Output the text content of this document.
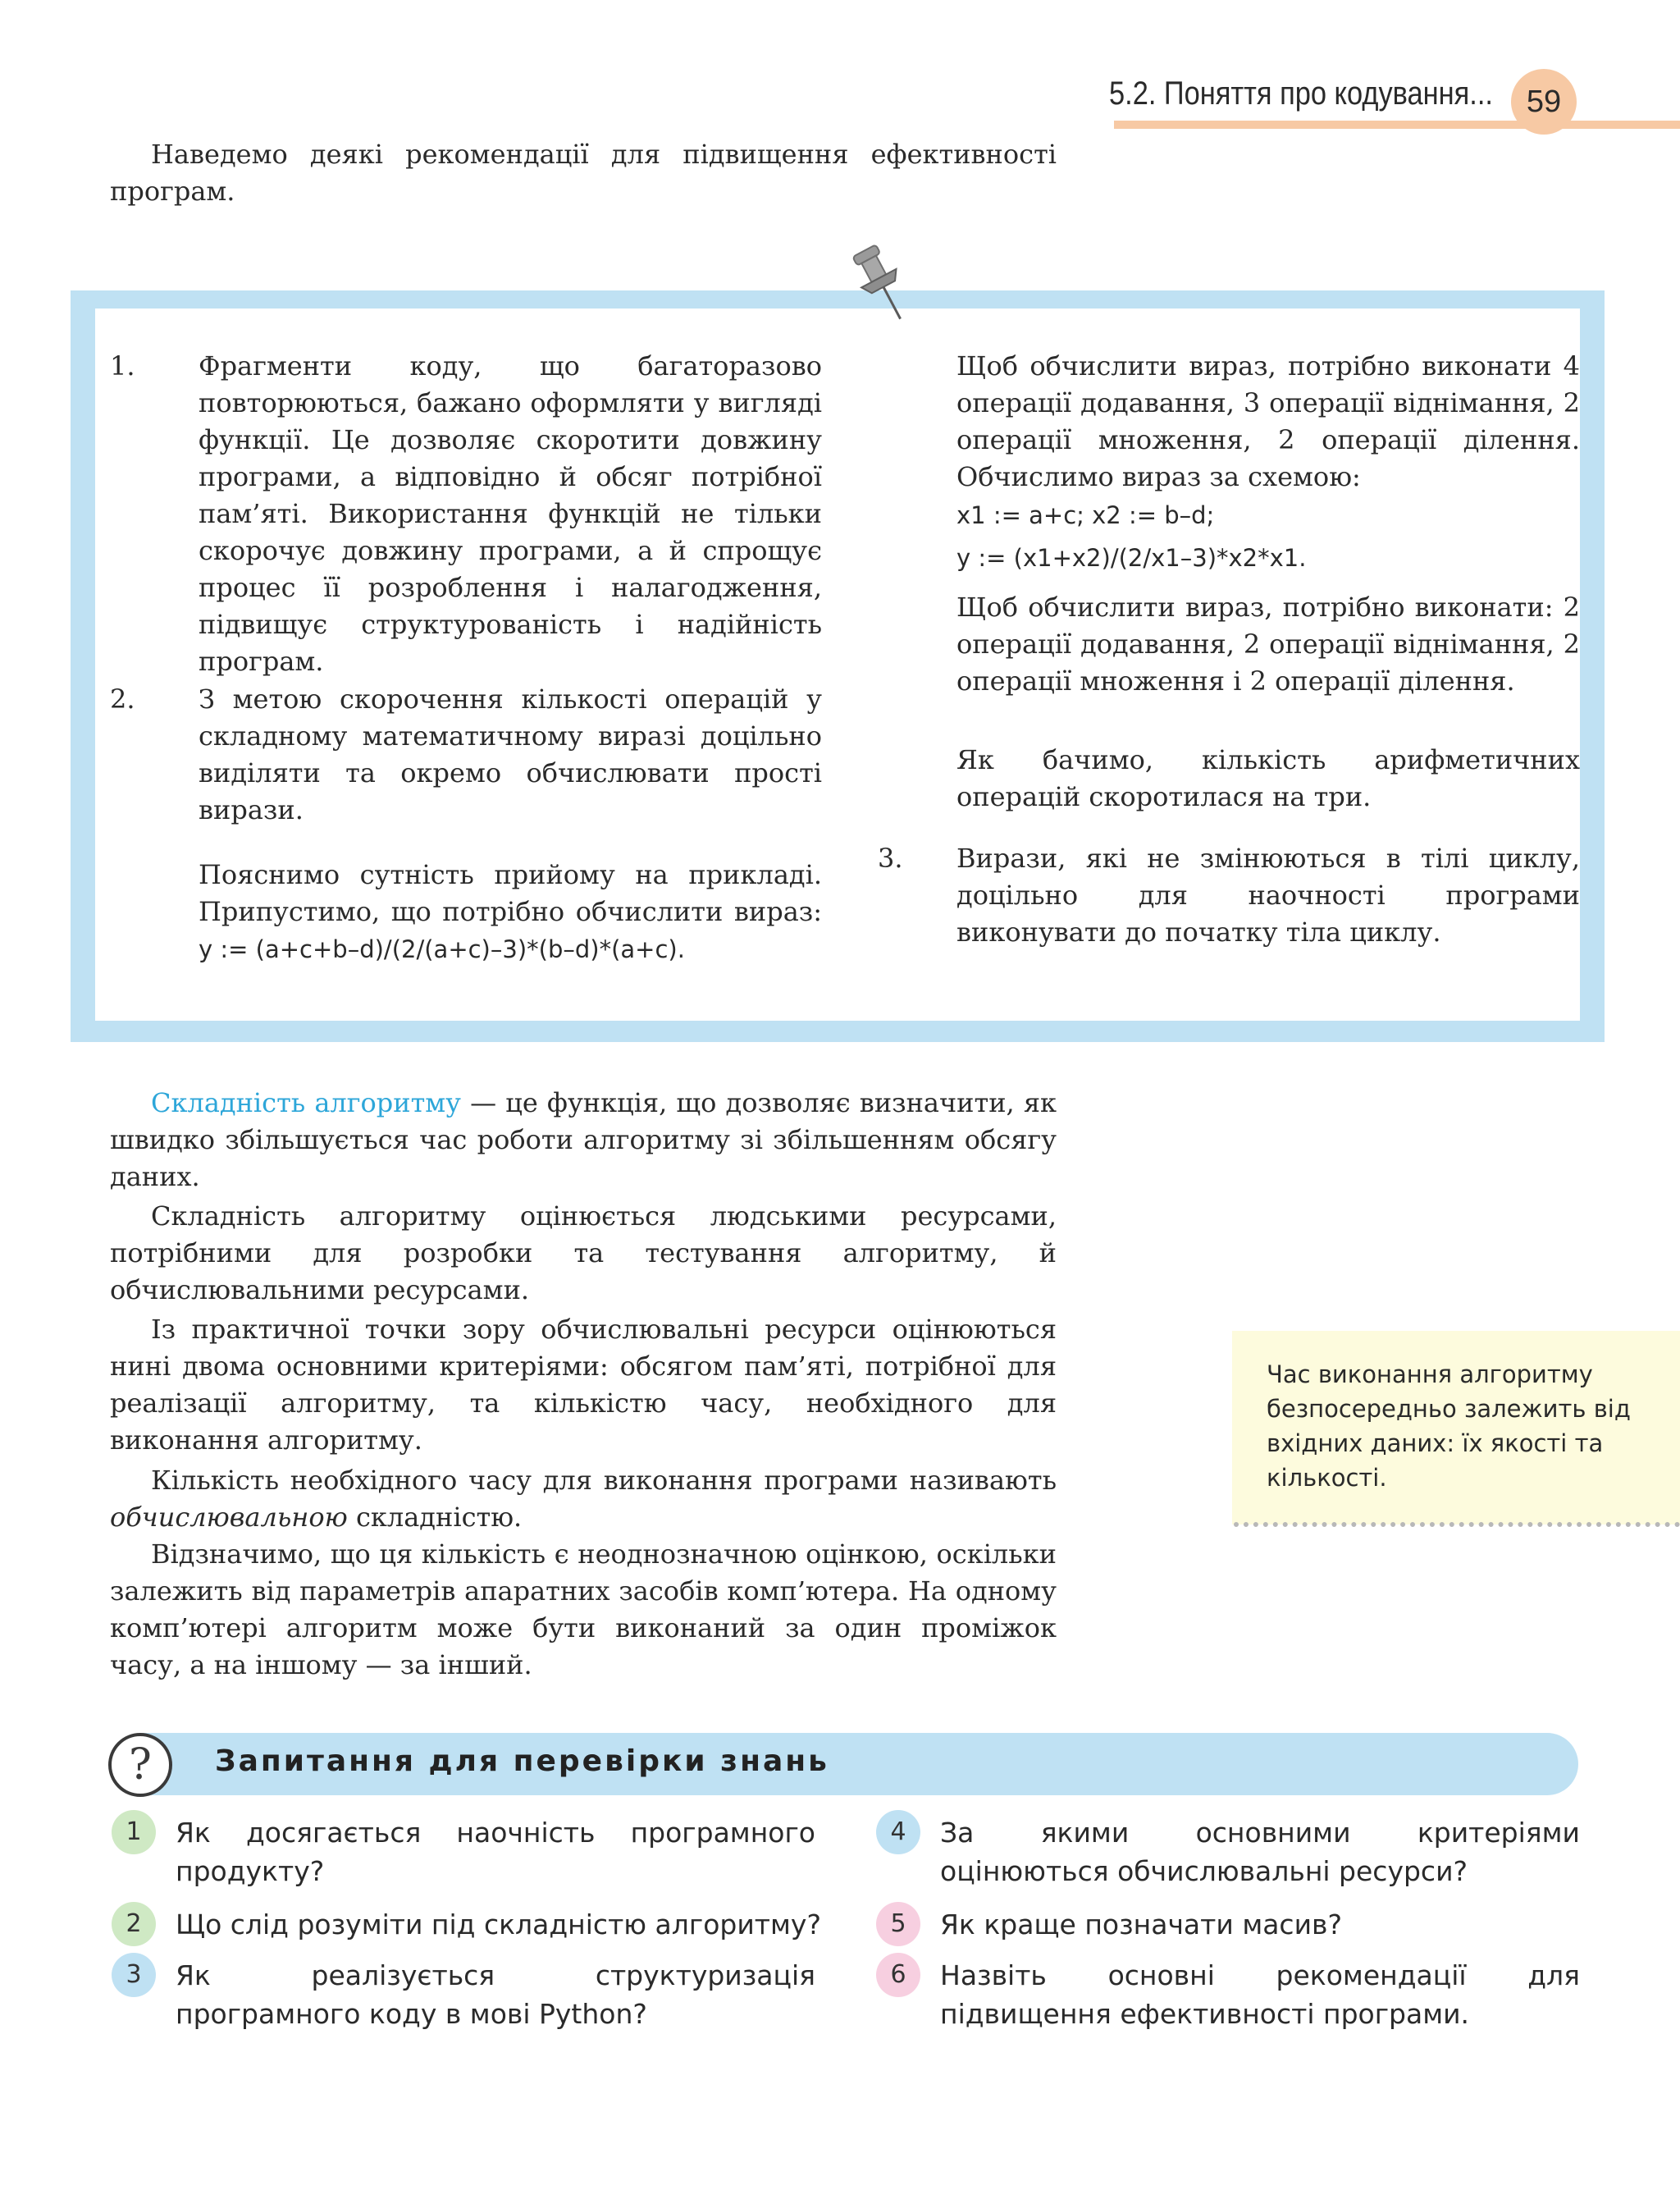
5.2. Поняття про кодування...	59
Наведемо деякі рекомендації для підвищення ефективності програм.
1.	Фрагменти коду, що багаторазово повторюються, бажано оформляти у вигляді функції. Це дозволяє скоротити довжину програми, а відповідно й обсяг потрібної пам’яті. Використання функцій не тільки скорочує довжину програми, а й спрощує процес її розроблення і налагодження, підвищує структурованість і надійність програм.
2.	З метою скорочення кількості операцій у складному математичному виразі доцільно виділяти та окремо обчислювати прості вирази.
Пояснимо сутність прийому на прикладі. Припустимо, що потрібно обчислити вираз: y := (a+c+b–d)/(2/(a+c)–3)*(b–d)*(a+c).
Щоб обчислити вираз, потрібно виконати 4 операції додавання, 3 операції віднімання, 2 операції множення, 2 операції ділення. Обчислимо вираз за схемою:
x1 := a+c; x2 := b–d;
y := (x1+x2)/(2/x1–3)*x2*x1.
Щоб обчислити вираз, потрібно виконати: 2 операції додавання, 2 операції віднімання, 2 операції множення і 2 операції ділення.
Як бачимо, кількість арифметичних операцій скоротилася на три.
3.	Вирази, які не змінюються в тілі циклу, доцільно для наочності програми виконувати до початку тіла циклу.
Складність алгоритму — це функція, що дозволяє визначити, як швидко збільшується час роботи алгоритму зі збільшенням обсягу даних.
Складність алгоритму оцінюється людськими ресурсами, потрібними для розробки та тестування алгоритму, й обчислювальними ресурсами.
Із практичної точки зору обчислювальні ресурси оцінюються нині двома основними критеріями: обсягом пам’яті, потрібної для реалізації алгоритму, та кількістю часу, необхідного для виконання алгоритму.
Кількість необхідного часу для виконання програми називають обчислювальною складністю.
Відзначимо, що ця кількість є неоднозначною оцінкою, оскільки залежить від параметрів апаратних засобів комп’ютера. На одному комп’ютері алгоритм може бути виконаний за один проміжок часу, а на іншому — за інший.
Час виконання алгоритму безпосередньо залежить від вхідних даних: їх якості та кількості.
?	Запитання для перевірки знань
1	Як досягається наочність програмного продукту?
2	Що слід розуміти під складністю алгоритму?
3	Як реалізується структуризація програмного коду в мові Python?
4	За якими основними критеріями оцінюються обчислювальні ресурси?
5	Як краще позначати масив?
6	Назвіть основні рекомендації для підвищення ефективності програми.
